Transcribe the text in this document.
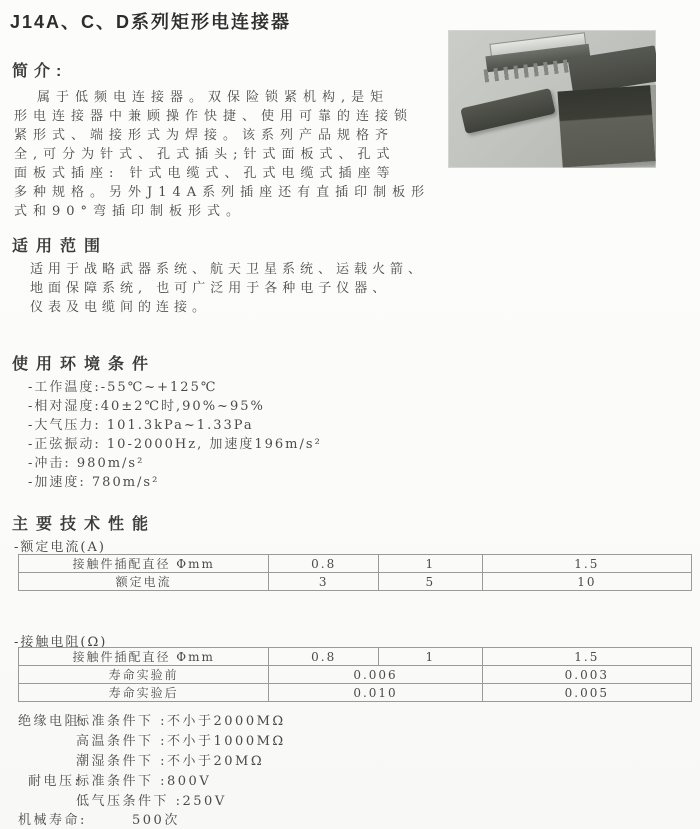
J14A、C、D系列矩形电连接器
简介:
属于低频电连接器。双保险锁紧机构,是矩
形电连接器中兼顾操作快捷、使用可靠的连接锁
紧形式、端接形式为焊接。该系列产品规格齐
全,可分为针式、孔式插头;针式面板式、孔式
面板式插座: 针式电缆式、孔式电缆式插座等
多种规格。另外J14A系列插座还有直插印制板形
式和90°弯插印制板形式。
适用范围
适用于战略武器系统、航天卫星系统、运载火箭、
地面保障系统, 也可广泛用于各种电子仪器、
仪表及电缆间的连接。
使用环境条件
-工作温度:-55℃~+125℃
-相对湿度:40±2℃时,90%~95%
-大气压力: 101.3kPa~1.33Pa
-正弦振动: 10-2000Hz, 加速度196m/s²
-冲击: 980m/s²
-加速度: 780m/s²
主要技术性能
-额定电流(A)
接触件插配直径 Φmm	0.8	1	1.5
额定电流	3	5	10
-接触电阻(Ω)
接触件插配直径 Φmm	0.8	1	1.5
寿命实验前	0.006		0.003
寿命实验后	0.010		0.005
绝缘电阻:
标准条件下 :不小于2000MΩ
高温条件下 :不小于1000MΩ
潮湿条件下 :不小于20MΩ
耐电压:
标准条件下 :800V
低气压条件下 :250V
机械寿命:	500次
